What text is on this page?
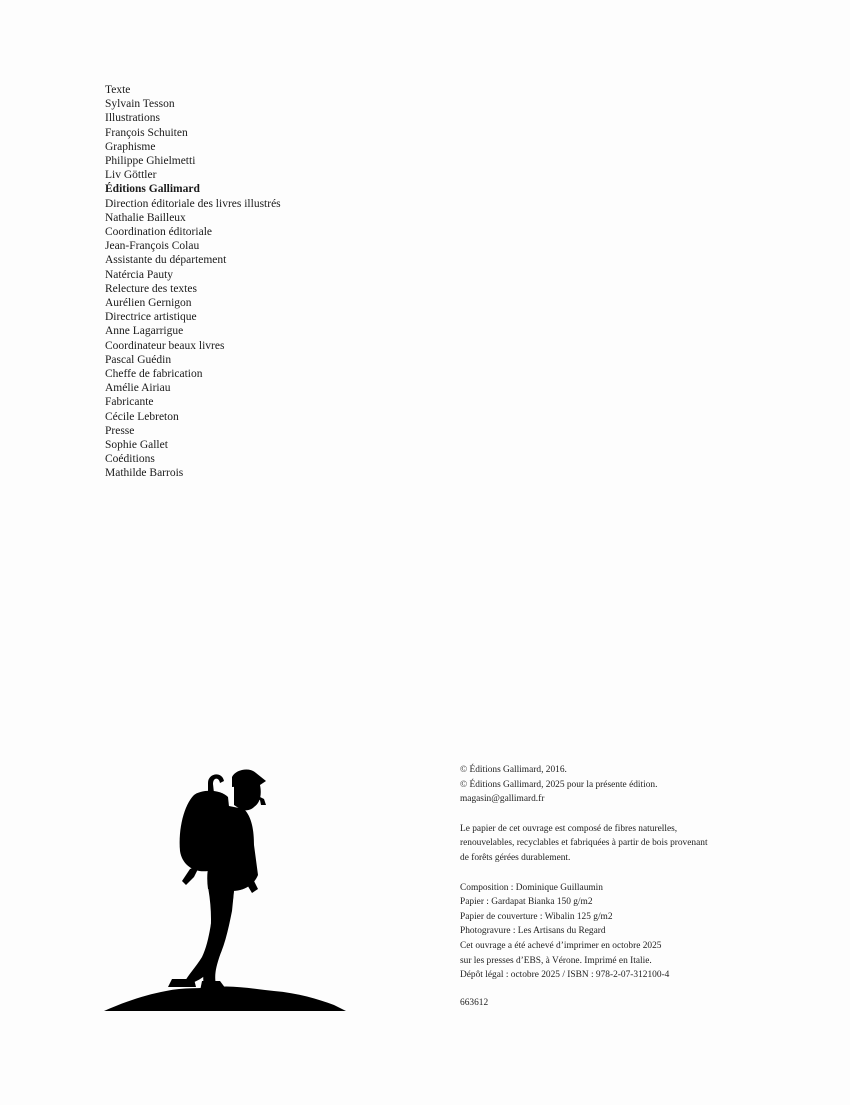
Texte

Sylvain Tesson

Illustrations

François Schuiten

Graphisme

Philippe Ghielmetti

Liv Göttler

Éditions Gallimard

Direction éditoriale des livres illustrés

Nathalie Bailleux

Coordination éditoriale

Jean-François Colau

Assistante du département

Natércia Pauty

Relecture des textes

Aurélien Gernigon

Directrice artistique

Anne Lagarrigue

Coordinateur beaux livres

Pascal Guédin

Cheffe de fabrication

Amélie Airiau

Fabricante

Cécile Lebreton

Presse

Sophie Gallet

Coéditions

Mathilde Barrois

© Éditions Gallimard, 2016.

© Éditions Gallimard, 2025 pour la présente édition.

magasin@gallimard.fr

Le papier de cet ouvrage est composé de fibres naturelles,

renouvelables, recyclables et fabriquées à partir de bois provenant

de forêts gérées durablement.

Composition : Dominique Guillaumin

Papier : Gardapat Bianka 150 g/m2

Papier de couverture : Wibalin 125 g/m2

Photogravure : Les Artisans du Regard

Cet ouvrage a été achevé d’imprimer en octobre 2025

sur les presses d’EBS, à Vérone. Imprimé en Italie.

Dépôt légal : octobre 2025 / ISBN : 978-2-07-312100-4

663612
